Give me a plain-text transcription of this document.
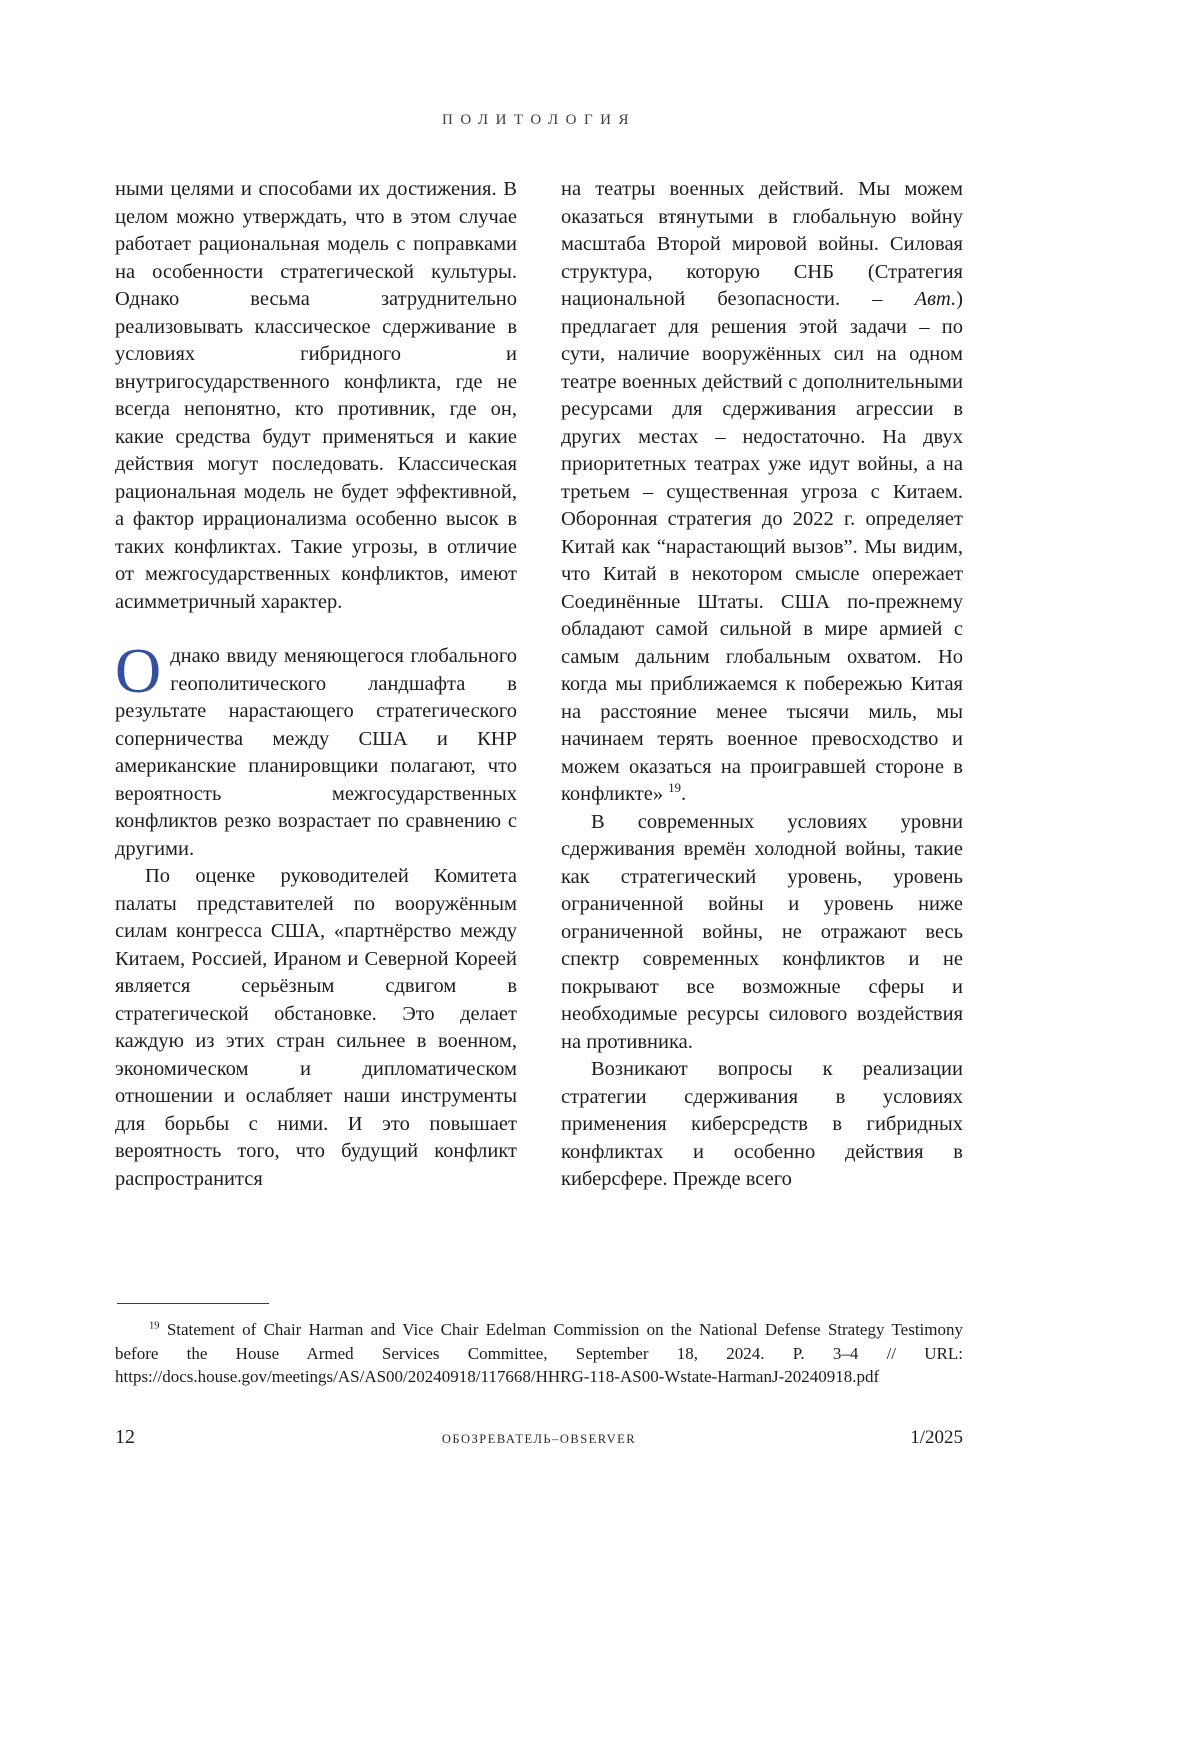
ПОЛИТОЛОГИЯ

ными целями и способами их достижения. В целом можно утверждать, что в этом случае работает рациональная модель с поправками на особенности стратегической культуры. Однако весьма затруднительно реализовывать классическое сдерживание в условиях гибридного и внутригосударственного конфликта, где не всегда непонятно, кто противник, где он, какие средства будут применяться и какие действия могут последовать. Классическая рациональная модель не будет эффективной, а фактор иррационализма особенно высок в таких конфликтах. Такие угрозы, в отличие от межгосударственных конфликтов, имеют асимметричный характер.

Однако ввиду меняющегося глобального геополитического ландшафта в результате нарастающего стратегического соперничества между США и КНР американские планировщики полагают, что вероятность межгосударственных конфликтов резко возрастает по сравнению с другими.

По оценке руководителей Комитета палаты представителей по вооружённым силам конгресса США, «партнёрство между Китаем, Россией, Ираном и Северной Кореей является серьёзным сдвигом в стратегической обстановке. Это делает каждую из этих стран сильнее в военном, экономическом и дипломатическом отношении и ослабляет наши инструменты для борьбы с ними. И это повышает вероятность того, что будущий конфликт распространится

на театры военных действий. Мы можем оказаться втянутыми в глобальную войну масштаба Второй мировой войны. Силовая структура, которую СНБ (Стратегия национальной безопасности. – Авт.) предлагает для решения этой задачи – по сути, наличие вооружённых сил на одном театре военных действий с дополнительными ресурсами для сдерживания агрессии в других местах – недостаточно. На двух приоритетных театрах уже идут войны, а на третьем – существенная угроза с Китаем. Оборонная стратегия до 2022 г. определяет Китай как “нарастающий вызов”. Мы видим, что Китай в некотором смысле опережает Соединённые Штаты. США по-прежнему обладают самой сильной в мире армией с самым дальним глобальным охватом. Но когда мы приближаемся к побережью Китая на расстояние менее тысячи миль, мы начинаем терять военное превосходство и можем оказаться на проигравшей стороне в конфликте» $^{19}$.

В современных условиях уровни сдерживания времён холодной войны, такие как стратегический уровень, уровень ограниченной войны и уровень ниже ограниченной войны, не отражают весь спектр современных конфликтов и не покрывают все возможные сферы и необходимые ресурсы силового воздействия на противника.

Возникают вопросы к реализации стратегии сдерживания в условиях применения киберсредств в гибридных конфликтах и особенно действия в киберсфере. Прежде всего

$^{19}$ Statement of Chair Harman and Vice Chair Edelman Commission on the National Defense Strategy Testimony before the House Armed Services Committee, September 18, 2024. P. 3–4 // URL: https://docs.house.gov/meetings/AS/AS00/20240918/117668/HHRG-118-AS00-Wstate-HarmanJ-20240918.pdf

12	ОБОЗРЕВАТЕЛЬ–OBSERVER	1/2025
